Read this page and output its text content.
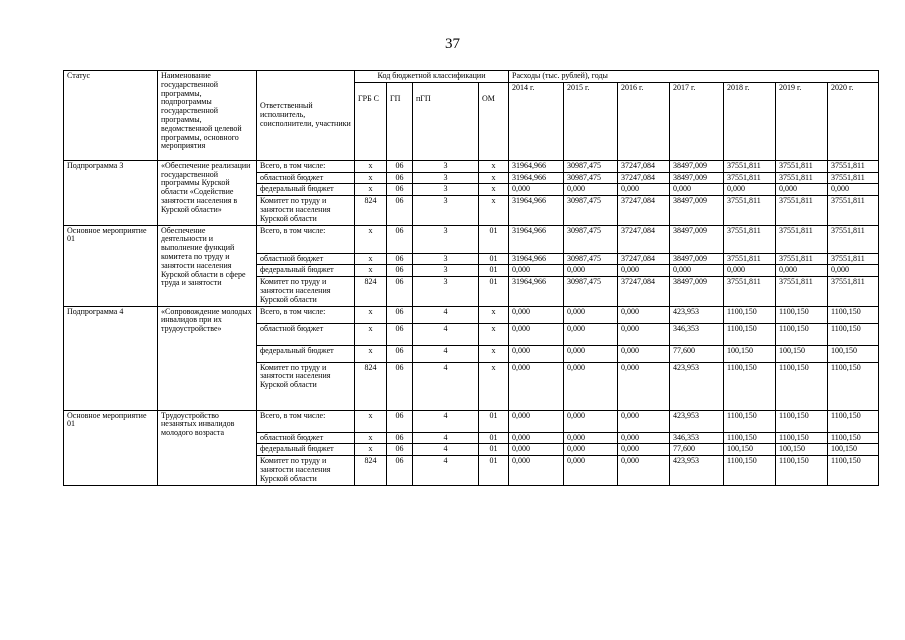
37
Статус	Наименование государственной программы, подпрограммы государственной программы, ведомственной целевой программы, основного мероприятия	Ответственный исполнитель, соисполнители, участники	Код бюджетной классификации				Расходы (тыс. рублей), годы						
			ГРБ С	ГП	пГП	ОМ	2014 г.	2015 г.	2016 г.	2017 г.	2018 г.	2019 г.	2020 г.
Подпрограмма 3	«Обеспечение реализации государственной программы Курской области «Содействие занятости населения в Курской области»	Всего, в том числе:	х	06	3	х	31964,966	30987,475	37247,084	38497,009	37551,811	37551,811	37551,811
		областной бюджет	х	06	3	х	31964,966	30987,475	37247,084	38497,009	37551,811	37551,811	37551,811
		федеральный бюджет	х	06	3	х	0,000	0,000	0,000	0,000	0,000	0,000	0,000
		Комитет по труду и занятости населения Курской области	824	06	3	х	31964,966	30987,475	37247,084	38497,009	37551,811	37551,811	37551,811
Основное мероприятие 01	Обеспечение деятельности и выполнение функций комитета по труду и занятости населения Курской области в сфере труда и занятости	Всего, в том числе:	х	06	3	01	31964,966	30987,475	37247,084	38497,009	37551,811	37551,811	37551,811
		областной бюджет	х	06	3	01	31964,966	30987,475	37247,084	38497,009	37551,811	37551,811	37551,811
		федеральный бюджет	х	06	3	01	0,000	0,000	0,000	0,000	0,000	0,000	0,000
		Комитет по труду и занятости населения Курской области	824	06	3	01	31964,966	30987,475	37247,084	38497,009	37551,811	37551,811	37551,811
Подпрограмма 4	«Сопровождение молодых инвалидов при их трудоустройстве»	Всего, в том числе:	х	06	4	х	0,000	0,000	0,000	423,953	1100,150	1100,150	1100,150
		областной бюджет	х	06	4	х	0,000	0,000	0,000	346,353	1100,150	1100,150	1100,150
		федеральный бюджет	х	06	4	х	0,000	0,000	0,000	77,600	100,150	100,150	100,150
		Комитет по труду и занятости населения Курской области	824	06	4	х	0,000	0,000	0,000	423,953	1100,150	1100,150	1100,150
Основное мероприятие 01	Трудоустройство незанятых инвалидов молодого возраста	Всего, в том числе:	х	06	4	01	0,000	0,000	0,000	423,953	1100,150	1100,150	1100,150
		областной бюджет	х	06	4	01	0,000	0,000	0,000	346,353	1100,150	1100,150	1100,150
		федеральный бюджет	х	06	4	01	0,000	0,000	0,000	77,600	100,150	100,150	100,150
		Комитет по труду и занятости населения Курской области	824	06	4	01	0,000	0,000	0,000	423,953	1100,150	1100,150	1100,150
